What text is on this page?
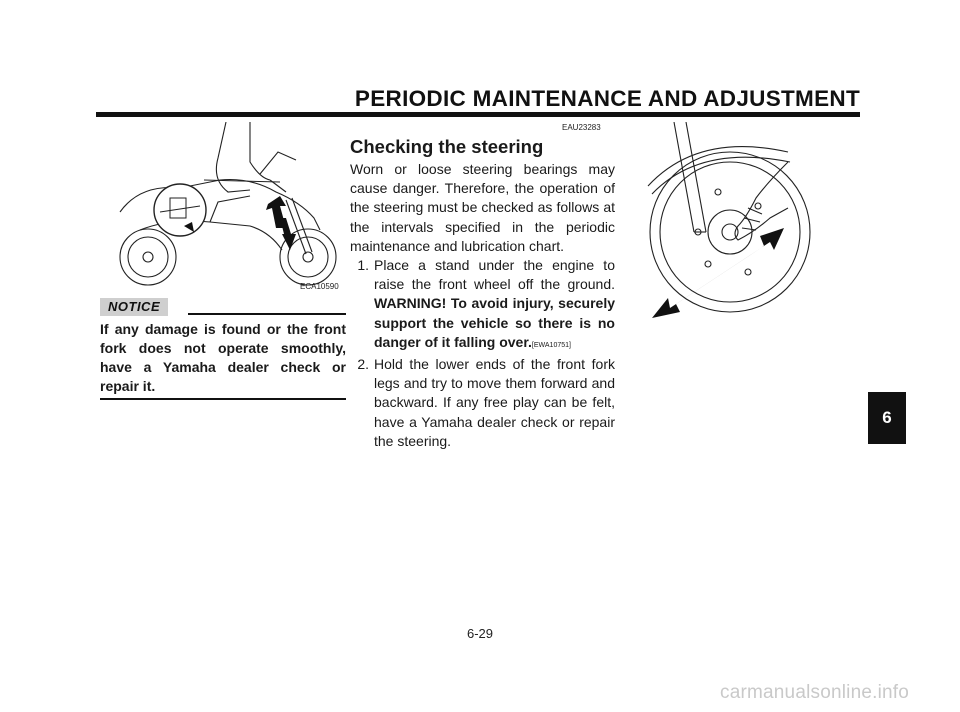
PERIODIC MAINTENANCE AND ADJUSTMENT
6
ECA10590
NOTICE
If any damage is found or the front fork does not operate smoothly, have a Yamaha dealer check or repair it.
EAU23283
Checking the steering
Worn or loose steering bearings may cause danger. Therefore, the operation of the steering must be checked as follows at the intervals specified in the periodic maintenance and lubrication chart.
1. Place a stand under the engine to raise the front wheel off the ground. WARNING! To avoid injury, securely support the vehicle so there is no danger of it falling over.[EWA10751]
2. Hold the lower ends of the front fork legs and try to move them forward and backward. If any free play can be felt, have a Yamaha dealer check or repair the steering.
6-29
carmanualsonline.info
